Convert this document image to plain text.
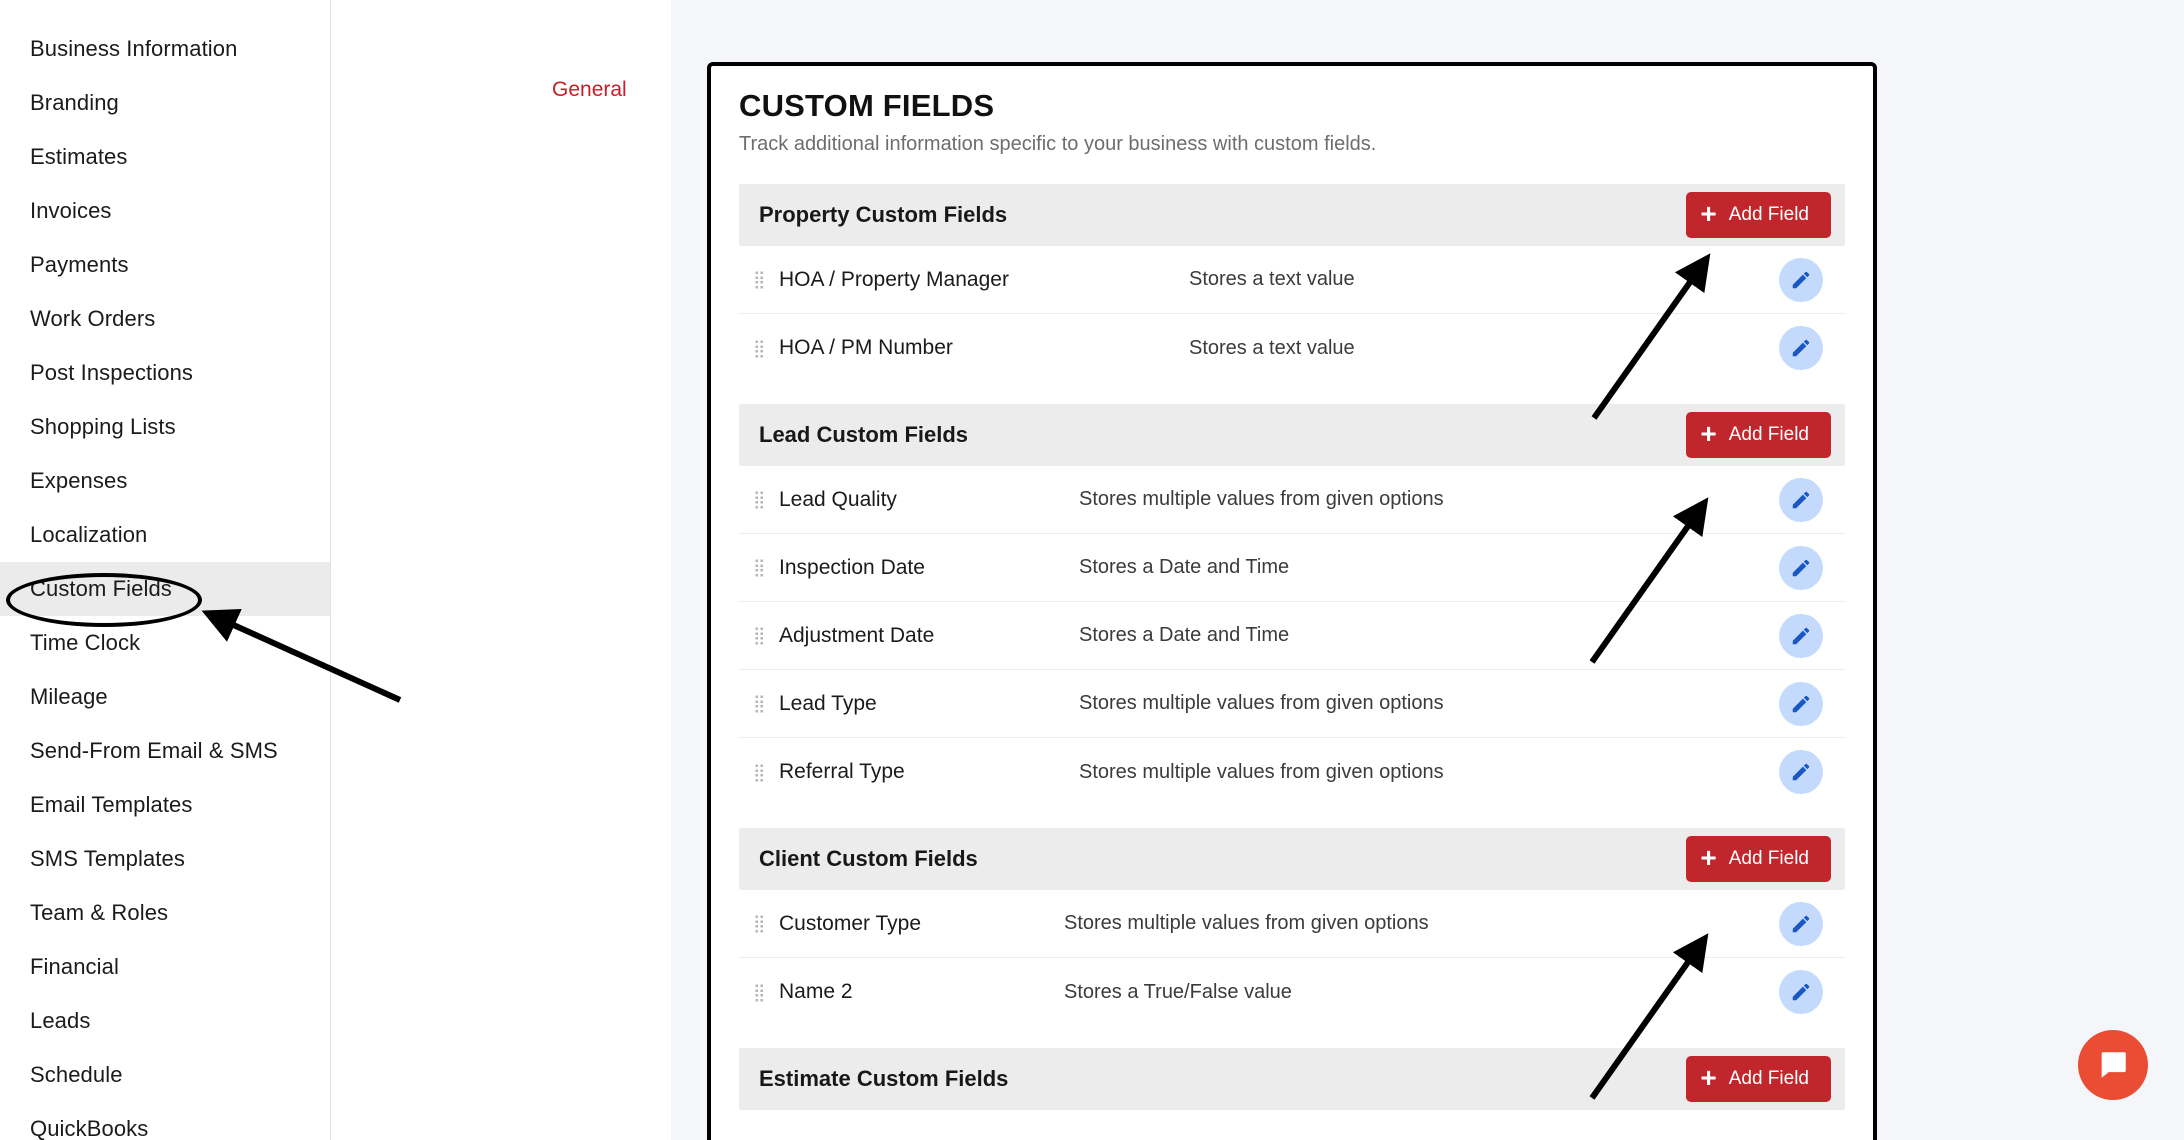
Business Information
Branding
Estimates
Invoices
Payments
Work Orders
Post Inspections
Shopping Lists
Expenses
Localization
Custom Fields
Time Clock
Mileage
Send-From Email & SMS
Email Templates
SMS Templates
Team & Roles
Financial
Leads
Schedule
QuickBooks
General	CUSTOM FIELDS
Track additional information specific to your business with custom fields.
Property Custom Fields	+ Add Field
⣿ HOA / Property Manager	Stores a text value
⣿ HOA / PM Number	Stores a text value
Lead Custom Fields	+ Add Field
⣿ Lead Quality	Stores multiple values from given options
⣿ Inspection Date	Stores a Date and Time
⣿ Adjustment Date	Stores a Date and Time
⣿ Lead Type	Stores multiple values from given options
⣿ Referral Type	Stores multiple values from given options
Client Custom Fields	+ Add Field
⣿ Customer Type	Stores multiple values from given options
⣿ Name 2	Stores a True/False value
Estimate Custom Fields	+ Add Field
